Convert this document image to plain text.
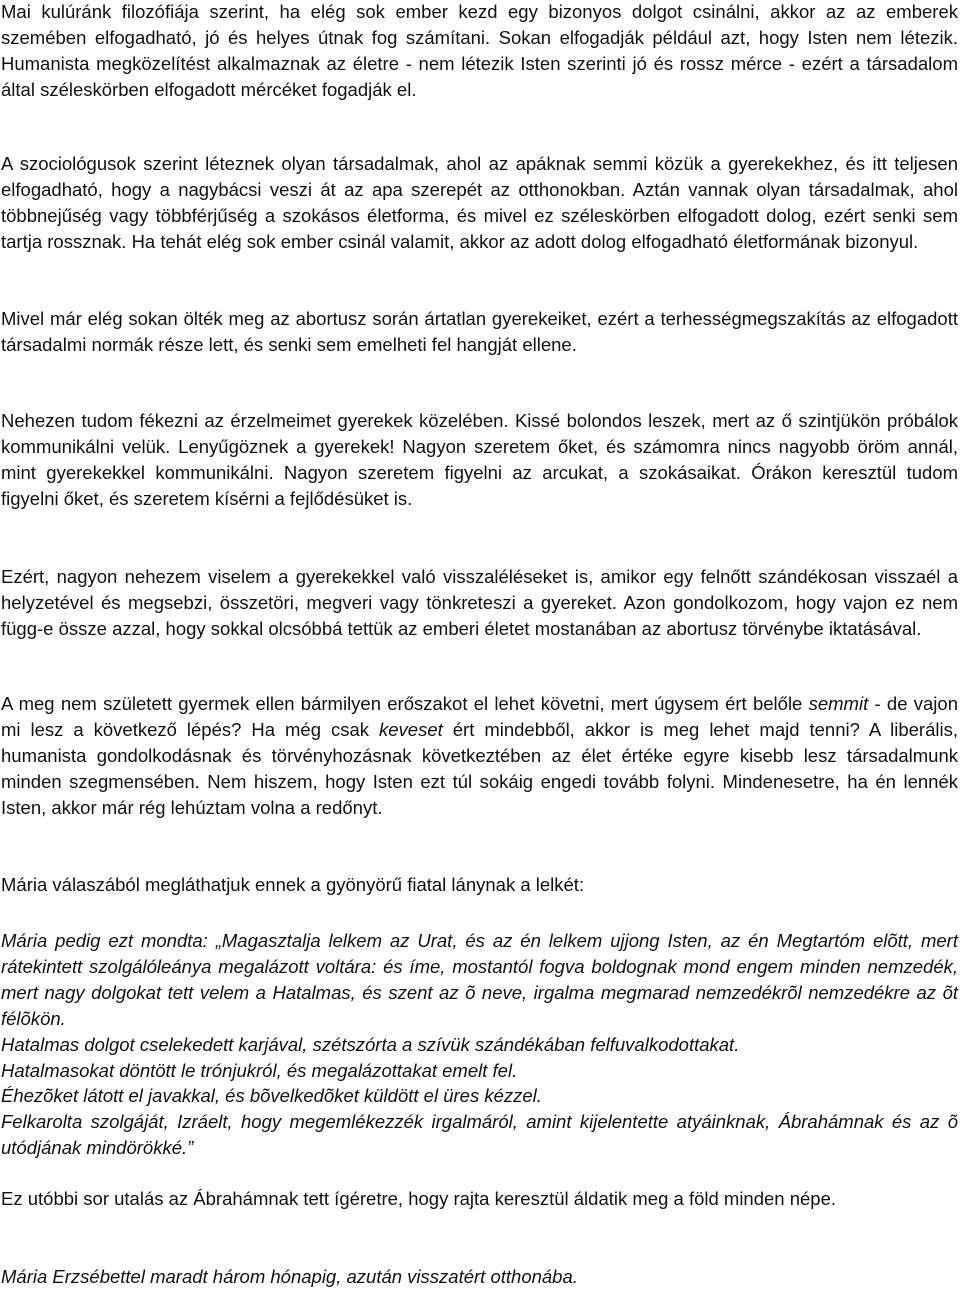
Mai kulúránk filozófiája szerint, ha elég sok ember kezd egy bizonyos dolgot csinálni, akkor az az emberek szemében elfogadható, jó és helyes útnak fog számítani. Sokan elfogadják például azt, hogy Isten nem létezik. Humanista megközelítést alkalmaznak az életre - nem létezik Isten szerinti jó és rossz mérce - ezért a társadalom által széleskörben elfogadott mércéket fogadják el.

A szociológusok szerint léteznek olyan társadalmak, ahol az apáknak semmi közük a gyerekekhez, és itt teljesen elfogadható, hogy a nagybácsi veszi át az apa szerepét az otthonokban. Aztán vannak olyan társadalmak, ahol többnejűség vagy többférjűség a szokásos életforma, és mivel ez széleskörben elfogadott dolog, ezért senki sem tartja rossznak. Ha tehát elég sok ember csinál valamit, akkor az adott dolog elfogadható életformának bizonyul.

Mivel már elég sokan ölték meg az abortusz során ártatlan gyerekeiket, ezért a terhességmegszakítás az elfogadott társadalmi normák része lett, és senki sem emelheti fel hangját ellene.

Nehezen tudom fékezni az érzelmeimet gyerekek közelében. Kissé bolondos leszek, mert az ő szintjükön próbálok kommunikálni velük. Lenyűgöznek a gyerekek! Nagyon szeretem őket, és számomra nincs nagyobb öröm annál, mint gyerekekkel kommunikálni. Nagyon szeretem figyelni az arcukat, a szokásaikat. Órákon keresztül tudom figyelni őket, és szeretem kísérni a fejlődésüket is.

Ezért, nagyon nehezem viselem a gyerekekkel való visszaléléseket is, amikor egy felnőtt szándékosan visszaél a helyzetével és megsebzi, összetöri, megveri vagy tönkreteszi a gyereket. Azon gondolkozom, hogy vajon ez nem függ-e össze azzal, hogy sokkal olcsóbbá tettük az emberi életet mostanában az abortusz törvénybe iktatásával.

A meg nem született gyermek ellen bármilyen erőszakot el lehet követni, mert úgysem ért belőle semmit - de vajon mi lesz a következő lépés? Ha még csak keveset ért mindebből, akkor is meg lehet majd tenni? A liberális, humanista gondolkodásnak és törvényhozásnak következtében az élet értéke egyre kisebb lesz társadalmunk minden szegmensében. Nem hiszem, hogy Isten ezt túl sokáig engedi tovább folyni. Mindenesetre, ha én lennék Isten, akkor már rég lehúztam volna a redőnyt.

Mária válaszából megláthatjuk ennek a gyönyörű fiatal lánynak a lelkét:

Mária pedig ezt mondta: „Magasztalja lelkem az Urat, és az én lelkem ujjong Isten, az én Megtartóm elõtt, mert rátekintett szolgálóleánya megalázott voltára: és íme, mostantól fogva boldognak mond engem minden nemzedék, mert nagy dolgokat tett velem a Hatalmas, és szent az õ neve, irgalma megmarad nemzedékrõl nemzedékre az õt félõkön.
Hatalmas dolgot cselekedett karjával, szétszórta a szívük szándékában felfuvalkodottakat.
Hatalmasokat döntött le trónjukról, és megalázottakat emelt fel.
Éhezõket látott el javakkal, és bõvelkedõket küldött el üres kézzel.
Felkarolta szolgáját, Izráelt, hogy megemlékezzék irgalmáról, amint kijelentette atyáinknak, Ábrahámnak és az õ utódjának mindörökké.”

Ez utóbbi sor utalás az Ábrahámnak tett ígéretre, hogy rajta keresztül áldatik meg a föld minden népe.

Mária Erzsébettel maradt három hónapig, azután visszatért otthonába.
